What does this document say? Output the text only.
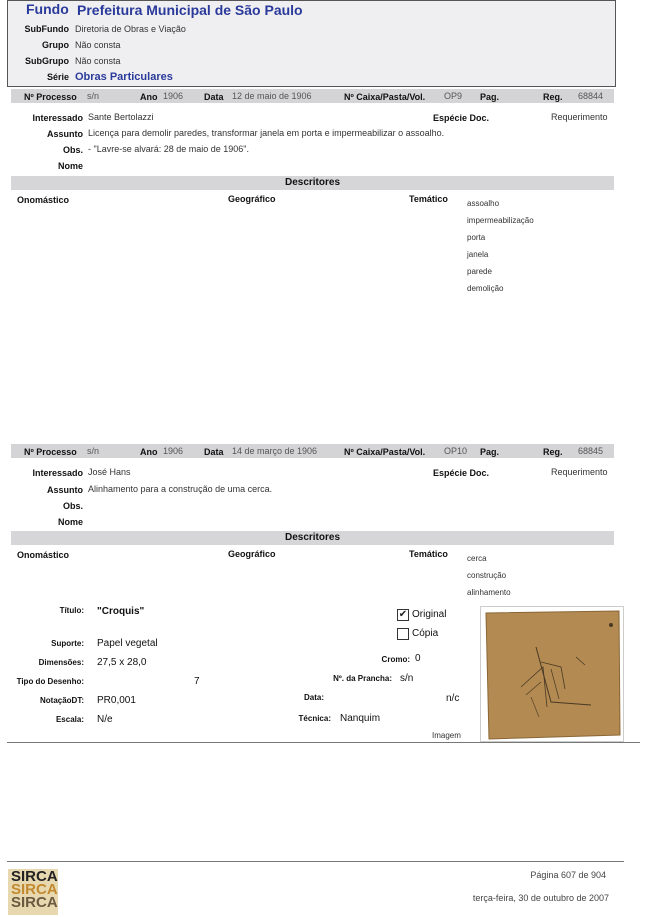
Fundo Prefeitura Municipal de São Paulo
SubFundo Diretoria de Obras e Viação
Grupo Não consta
SubGrupo Não consta
Série Obras Particulares
Nº Processo s/n	Ano 1906 Data 12 de maio de 1906	Nº Caixa/Pasta/Vol. OP9 Pag.	Reg. 68844
Interessado Sante Bertolazzi	Espécie Doc.	Requerimento
Assunto Licença para demolir paredes, transformar janela em porta e impermeabilizar o assoalho.
Obs. - "Lavre-se alvará: 28 de maio de 1906".
Nome
Descritores
Onomástico	Geográfico	Temático assoalho
impermeabilização
porta
janela
parede
demolição
Nº Processo s/n	Ano 1906 Data 14 de março de 1906	Nº Caixa/Pasta/Vol. OP10 Pag.	Reg. 68845
Interessado José Hans	Espécie Doc.	Requerimento
Assunto Alinhamento para a construção de uma cerca.
Obs.
Nome
Descritores
Onomástico	Geográfico	Temático cerca
construção
alinhamento
Título: "Croquis"
Suporte: Papel vegetal
Dimensões: 27,5 x 28,0
Tipo do Desenho:	7
NotaçãoDT: PR0,001
Escala: N/e
✔ Original
Cópia
Cromo: 0
Nº. da Prancha: s/n
Data:	n/c
Técnica: Nanquim
Imagem
SIRCA
SIRCA
SIRCA
Página 607 de 904
terça-feira, 30 de outubro de 2007
